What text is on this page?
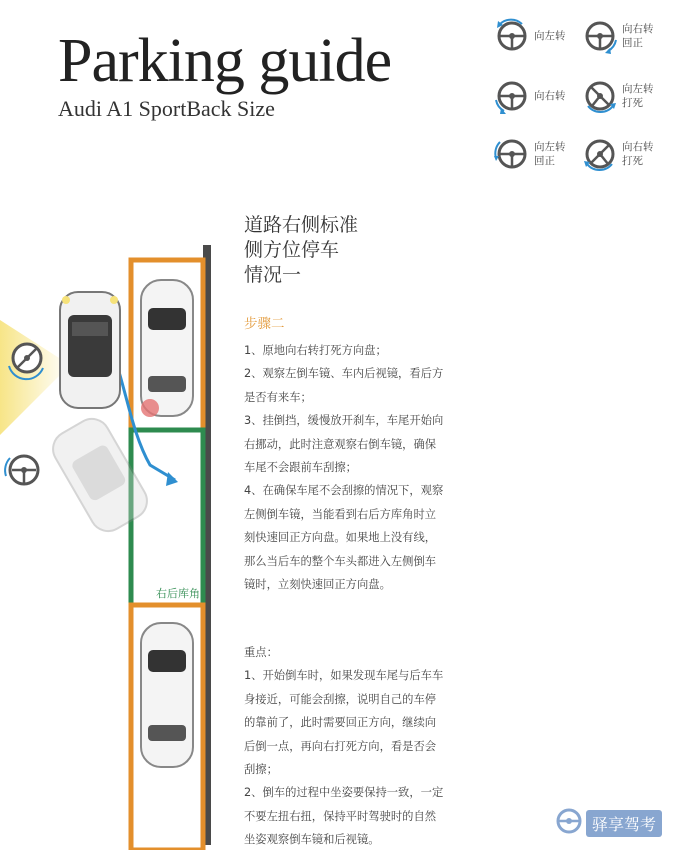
Parking guide
Audi A1 SportBack Size
向左转
向右转
回正
向右转
向左转
打死
向左转
回正
向右转
打死
右后库角
道路右侧标准
侧方位停车
情况一
步骤二
1、原地向右转打死方向盘；
2、观察左倒车镜、车内后视镜，看后方是否有来车；
3、挂倒挡，缓慢放开刹车，车尾开始向右挪动，此时注意观察右倒车镜，确保车尾不会跟前车刮擦；
4、在确保车尾不会刮擦的情况下，观察左侧倒车镜，当能看到右后方库角时立刻快速回正方向盘。如果地上没有线，那么当后车的整个车头都进入左侧倒车镜时，立刻快速回正方向盘。
重点：
1、开始倒车时，如果发现车尾与后车车身接近，可能会刮擦，说明自己的车停的靠前了，此时需要回正方向，继续向后倒一点，再向右打死方向，看是否会刮擦；
2、倒车的过程中坐姿要保持一致，一定不要左扭右扭，保持平时驾驶时的自然坐姿观察倒车镜和后视镜。
驿享驾考
